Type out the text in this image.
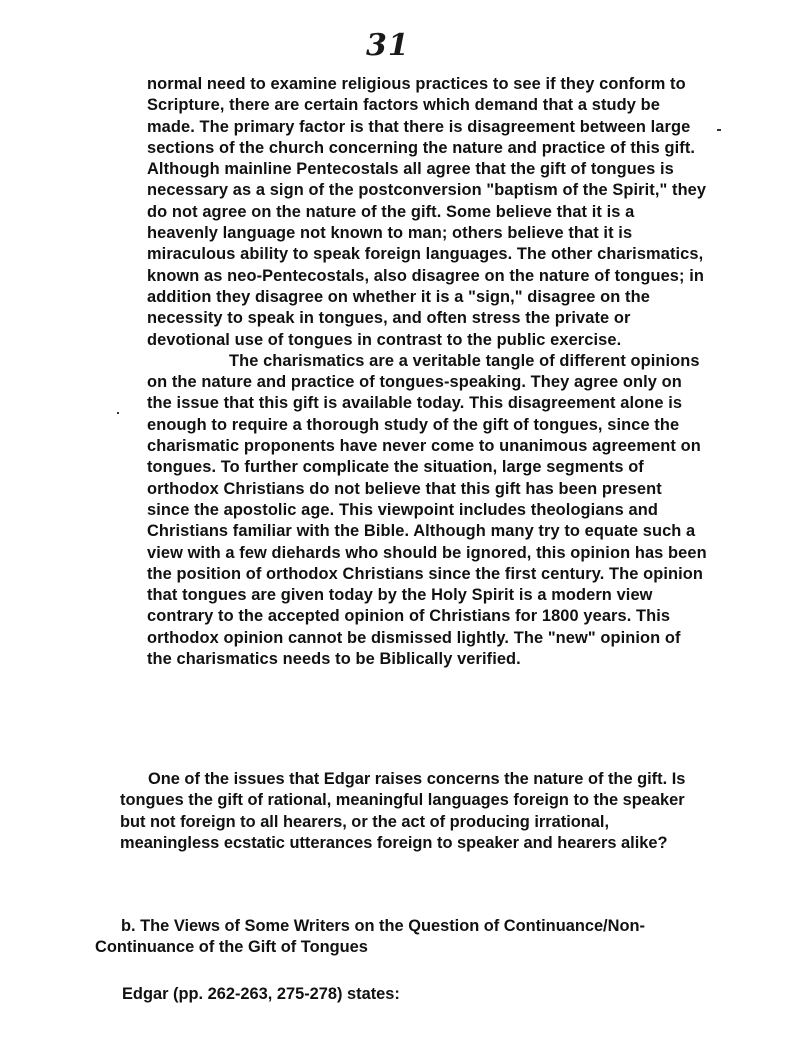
31

normal need to examine religious practices to see if they conform to Scripture, there are certain factors which demand that a study be made. The primary factor is that there is disagreement between large sections of the church concerning the nature and practice of this gift. Although mainline Pentecostals all agree that the gift of tongues is necessary as a sign of the postconversion "baptism of the Spirit," they do not agree on the nature of the gift. Some believe that it is a heavenly language not known to man; others believe that it is miraculous ability to speak foreign languages. The other charismatics, known as neo-Pentecostals, also disagree on the nature of tongues; in addition they disagree on whether it is a "sign," disagree on the necessity to speak in tongues, and often stress the private or devotional use of tongues in contrast to the public exercise.

The charismatics are a veritable tangle of different opinions on the nature and practice of tongues-speaking. They agree only on the issue that this gift is available today. This disagreement alone is enough to require a thorough study of the gift of tongues, since the charismatic proponents have never come to unanimous agreement on tongues. To further complicate the situation, large segments of orthodox Christians do not believe that this gift has been present since the apostolic age. This viewpoint includes theologians and Christians familiar with the Bible. Although many try to equate such a view with a few diehards who should be ignored, this opinion has been the position of orthodox Christians since the first century. The opinion that tongues are given today by the Holy Spirit is a modern view contrary to the accepted opinion of Christians for 1800 years. This orthodox opinion cannot be dismissed lightly. The "new" opinion of the charismatics needs to be Biblically verified.

One of the issues that Edgar raises concerns the nature of the gift. Is tongues the gift of rational, meaningful languages foreign to the speaker but not foreign to all hearers, or the act of producing irrational, meaningless ecstatic utterances foreign to speaker and hearers alike?

b. The Views of Some Writers on the Question of Continuance/Non-Continuance of the Gift of Tongues

Edgar (pp. 262-263, 275-278) states:
